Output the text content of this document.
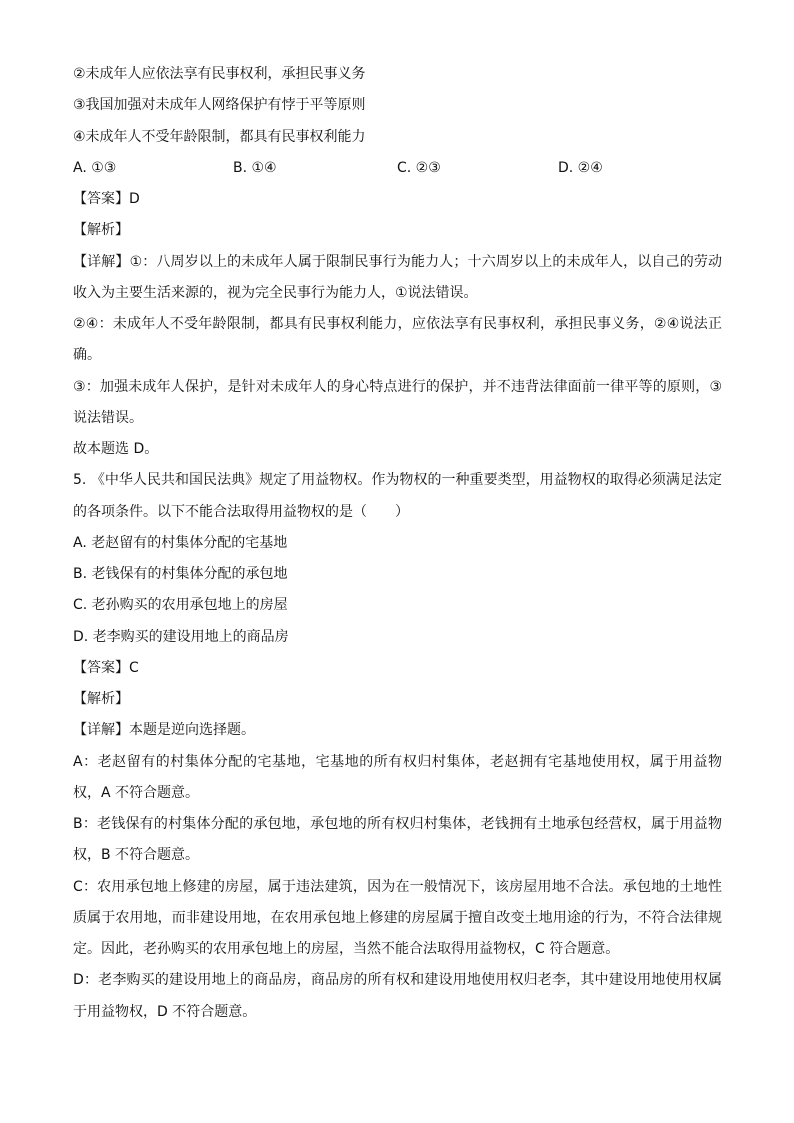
②未成年人应依法享有民事权利，承担民事义务
③我国加强对未成年人网络保护有悖于平等原则
④未成年人不受年龄限制，都具有民事权利能力
A. ①③	B. ①④	C. ②③	D. ②④
【答案】D
【解析】
【详解】①：八周岁以上的未成年人属于限制民事行为能力人；十六周岁以上的未成年人，以自己的劳动
收入为主要生活来源的，视为完全民事行为能力人，①说法错误。
②④：未成年人不受年龄限制，都具有民事权利能力，应依法享有民事权利，承担民事义务，②④说法正
确。
③：加强未成年人保护，是针对未成年人的身心特点进行的保护，并不违背法律面前一律平等的原则，③
说法错误。
故本题选 D。
5. 《中华人民共和国民法典》规定了用益物权。作为物权的一种重要类型，用益物权的取得必须满足法定
的各项条件。以下不能合法取得用益物权的是（　　）
A. 老赵留有的村集体分配的宅基地
B. 老钱保有的村集体分配的承包地
C. 老孙购买的农用承包地上的房屋
D. 老李购买的建设用地上的商品房
【答案】C
【解析】
【详解】本题是逆向选择题。
A：老赵留有的村集体分配的宅基地，宅基地的所有权归村集体，老赵拥有宅基地使用权，属于用益物
权，A 不符合题意。
B：老钱保有的村集体分配的承包地，承包地的所有权归村集体，老钱拥有土地承包经营权，属于用益物
权，B 不符合题意。
C：农用承包地上修建的房屋，属于违法建筑，因为在一般情况下，该房屋用地不合法。承包地的土地性
质属于农用地，而非建设用地，在农用承包地上修建的房屋属于擅自改变土地用途的行为，不符合法律规
定。因此，老孙购买的农用承包地上的房屋，当然不能合法取得用益物权，C 符合题意。
D：老李购买的建设用地上的商品房，商品房的所有权和建设用地使用权归老李，其中建设用地使用权属
于用益物权，D 不符合题意。
